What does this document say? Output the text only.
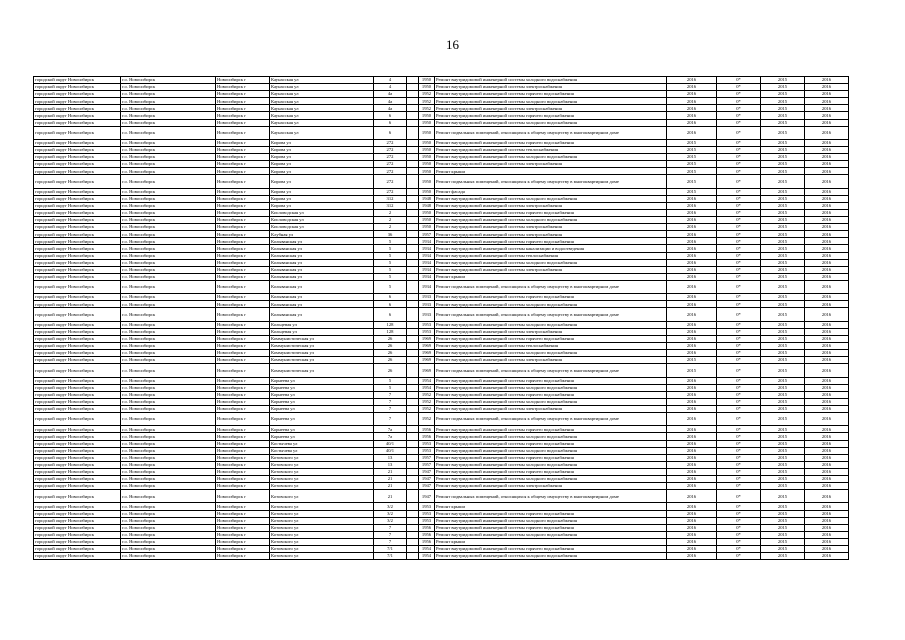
16
городской округ Новосибирск	г.о. Новосибирск	Новосибирск г	Каунасская ул	4		1950	Ремонт внутридомовой инженерной системы холодного водоснабжения	2016	0*	2015	2016
городской округ Новосибирск	г.о. Новосибирск	Новосибирск г	Каунасская ул	4		1950	Ремонт внутридомовой инженерной системы электроснабжения	2016	0*	2015	2016
городской округ Новосибирск	г.о. Новосибирск	Новосибирск г	Каунасская ул	4а		1952	Ремонт внутридомовой инженерной системы горячего водоснабжения	2016	0*	2015	2016
городской округ Новосибирск	г.о. Новосибирск	Новосибирск г	Каунасская ул	4а		1952	Ремонт внутридомовой инженерной системы холодного водоснабжения	2016	0*	2015	2016
городской округ Новосибирск	г.о. Новосибирск	Новосибирск г	Каунасская ул	4а		1952	Ремонт внутридомовой инженерной системы электроснабжения	2016	0*	2015	2016
городской округ Новосибирск	г.о. Новосибирск	Новосибирск г	Каунасская ул	6		1950	Ремонт внутридомовой инженерной системы горячего водоснабжения	2016	0*	2015	2016
городской округ Новосибирск	г.о. Новосибирск	Новосибирск г	Каунасская ул	6		1950	Ремонт внутридомовой инженерной системы холодного водоснабжения	2016	0*	2015	2016
городской округ Новосибирск	г.о. Новосибирск	Новосибирск г	Каунасская ул	6		1950	Ремонт подвальных помещений, относящихся к общему имуществу в многоквартирном доме	2016	0*	2015	2016
городской округ Новосибирск	г.о. Новосибирск	Новосибирск г	Кирова ул	272		1950	Ремонт внутридомовой инженерной системы горячего водоснабжения	2015	0*	2015	2016
городской округ Новосибирск	г.о. Новосибирск	Новосибирск г	Кирова ул	272		1950	Ремонт внутридомовой инженерной системы теплоснабжения	2015	0*	2015	2016
городской округ Новосибирск	г.о. Новосибирск	Новосибирск г	Кирова ул	272		1950	Ремонт внутридомовой инженерной системы холодного водоснабжения	2015	0*	2015	2016
городской округ Новосибирск	г.о. Новосибирск	Новосибирск г	Кирова ул	272		1950	Ремонт внутридомовой инженерной системы электроснабжения	2015	0*	2015	2016
городской округ Новосибирск	г.о. Новосибирск	Новосибирск г	Кирова ул	272		1950	Ремонт крыши	2015	0*	2015	2016
городской округ Новосибирск	г.о. Новосибирск	Новосибирск г	Кирова ул	272		1950	Ремонт подвальных помещений, относящихся к общему имуществу в многоквартирном доме	2015	0*	2015	2016
городской округ Новосибирск	г.о. Новосибирск	Новосибирск г	Кирова ул	272		1950	Ремонт фасада	2015	0*	2015	2016
городской округ Новосибирск	г.о. Новосибирск	Новосибирск г	Кирова ул	312		1948	Ремонт внутридомовой инженерной системы холодного водоснабжения	2016	0*	2015	2016
городской округ Новосибирск	г.о. Новосибирск	Новосибирск г	Кирова ул	312		1948	Ремонт внутридомовой инженерной системы электроснабжения	2016	0*	2015	2016
городской округ Новосибирск	г.о. Новосибирск	Новосибирск г	Кисловодская ул	2		1950	Ремонт внутридомовой инженерной системы горячего водоснабжения	2016	0*	2015	2016
городской округ Новосибирск	г.о. Новосибирск	Новосибирск г	Кисловодская ул	2		1950	Ремонт внутридомовой инженерной системы холодного водоснабжения	2016	0*	2015	2016
городской округ Новосибирск	г.о. Новосибирск	Новосибирск г	Кисловодская ул	2		1950	Ремонт внутридомовой инженерной системы электроснабжения	2016	0*	2015	2016
городской округ Новосибирск	г.о. Новосибирск	Новосибирск г	Клубная ул	36		1957	Ремонт внутридомовой инженерной системы электроснабжения	2016	0*	2015	2016
городской округ Новосибирск	г.о. Новосибирск	Новосибирск г	Колыванская ул	5		1934	Ремонт внутридомовой инженерной системы горячего водоснабжения	2016	0*	2015	2016
городской округ Новосибирск	г.о. Новосибирск	Новосибирск г	Колыванская ул	5		1934	Ремонт внутридомовой инженерной системы канализации и водоотведения	2016	0*	2015	2016
городской округ Новосибирск	г.о. Новосибирск	Новосибирск г	Колыванская ул	5		1934	Ремонт внутридомовой инженерной системы теплоснабжения	2016	0*	2015	2016
городской округ Новосибирск	г.о. Новосибирск	Новосибирск г	Колыванская ул	5		1934	Ремонт внутридомовой инженерной системы холодного водоснабжения	2016	0*	2015	2016
городской округ Новосибирск	г.о. Новосибирск	Новосибирск г	Колыванская ул	5		1934	Ремонт внутридомовой инженерной системы электроснабжения	2016	0*	2015	2016
городской округ Новосибирск	г.о. Новосибирск	Новосибирск г	Колыванская ул	5		1934	Ремонт крыши	2016	0*	2015	2016
городской округ Новосибирск	г.о. Новосибирск	Новосибирск г	Колыванская ул	5		1934	Ремонт подвальных помещений, относящихся к общему имуществу в многоквартирном доме	2016	0*	2015	2016
городской округ Новосибирск	г.о. Новосибирск	Новосибирск г	Колыванская ул	6		1933	Ремонт внутридомовой инженерной системы горячего водоснабжения	2016	0*	2015	2016
городской округ Новосибирск	г.о. Новосибирск	Новосибирск г	Колыванская ул	6		1933	Ремонт внутридомовой инженерной системы холодного водоснабжения	2016	0*	2015	2016
городской округ Новосибирск	г.о. Новосибирск	Новосибирск г	Колыванская ул	6		1933	Ремонт подвальных помещений, относящихся к общему имуществу в многоквартирном доме	2016	0*	2015	2016
городской округ Новосибирск	г.о. Новосибирск	Новосибирск г	Кольцевая ул	128		1953	Ремонт внутридомовой инженерной системы холодного водоснабжения	2016	0*	2015	2016
городской округ Новосибирск	г.о. Новосибирск	Новосибирск г	Кольцевая ул	128		1953	Ремонт внутридомовой инженерной системы электроснабжения	2016	0*	2015	2016
городской округ Новосибирск	г.о. Новосибирск	Новосибирск г	Коммунистическая ул	26		1969	Ремонт внутридомовой инженерной системы горячего водоснабжения	2016	0*	2015	2016
городской округ Новосибирск	г.о. Новосибирск	Новосибирск г	Коммунистическая ул	26		1969	Ремонт внутридомовой инженерной системы теплоснабжения	2016	0*	2015	2016
городской округ Новосибирск	г.о. Новосибирск	Новосибирск г	Коммунистическая ул	26		1969	Ремонт внутридомовой инженерной системы холодного водоснабжения	2016	0*	2015	2016
городской округ Новосибирск	г.о. Новосибирск	Новосибирск г	Коммунистическая ул	26		1969	Ремонт внутридомовой инженерной системы электроснабжения	2015	0*	2015	2016
городской округ Новосибирск	г.о. Новосибирск	Новосибирск г	Коммунистическая ул	26		1969	Ремонт подвальных помещений, относящихся к общему имуществу в многоквартирном доме	2015	0*	2015	2016
городской округ Новосибирск	г.о. Новосибирск	Новосибирск г	Корнеева ул	5		1954	Ремонт внутридомовой инженерной системы горячего водоснабжения	2016	0*	2015	2016
городской округ Новосибирск	г.о. Новосибирск	Новосибирск г	Корнеева ул	5		1954	Ремонт внутридомовой инженерной системы холодного водоснабжения	2016	0*	2015	2016
городской округ Новосибирск	г.о. Новосибирск	Новосибирск г	Корнеева ул	7		1952	Ремонт внутридомовой инженерной системы горячего водоснабжения	2016	0*	2015	2016
городской округ Новосибирск	г.о. Новосибирск	Новосибирск г	Корнеева ул	7		1952	Ремонт внутридомовой инженерной системы холодного водоснабжения	2016	0*	2015	2016
городской округ Новосибирск	г.о. Новосибирск	Новосибирск г	Корнеева ул	7		1952	Ремонт внутридомовой инженерной системы электроснабжения	2016	0*	2015	2016
городской округ Новосибирск	г.о. Новосибирск	Новосибирск г	Корнеева ул	7		1952	Ремонт подвальных помещений, относящихся к общему имуществу в многоквартирном доме	2016	0*	2015	2016
городской округ Новосибирск	г.о. Новосибирск	Новосибирск г	Корнеева ул	7а		1956	Ремонт внутридомовой инженерной системы горячего водоснабжения	2016	0*	2015	2016
городской округ Новосибирск	г.о. Новосибирск	Новосибирск г	Корнеева ул	7а		1956	Ремонт внутридомовой инженерной системы холодного водоснабжения	2016	0*	2015	2016
городской округ Новосибирск	г.о. Новосибирск	Новосибирск г	Костычева ул	40/1		1953	Ремонт внутридомовой инженерной системы горячего водоснабжения	2016	0*	2015	2016
городской округ Новосибирск	г.о. Новосибирск	Новосибирск г	Костычева ул	40/1		1953	Ремонт внутридомовой инженерной системы холодного водоснабжения	2016	0*	2015	2016
городской округ Новосибирск	г.о. Новосибирск	Новосибирск г	Котовского ул	13		1957	Ремонт внутридомовой инженерной системы горячего водоснабжения	2016	0*	2015	2016
городской округ Новосибирск	г.о. Новосибирск	Новосибирск г	Котовского ул	13		1957	Ремонт внутридомовой инженерной системы холодного водоснабжения	2016	0*	2015	2016
городской округ Новосибирск	г.о. Новосибирск	Новосибирск г	Котовского ул	21		1947	Ремонт внутридомовой инженерной системы горячего водоснабжения	2016	0*	2015	2016
городской округ Новосибирск	г.о. Новосибирск	Новосибирск г	Котовского ул	21		1947	Ремонт внутридомовой инженерной системы холодного водоснабжения	2016	0*	2015	2016
городской округ Новосибирск	г.о. Новосибирск	Новосибирск г	Котовского ул	21		1947	Ремонт внутридомовой инженерной системы электроснабжения	2016	0*	2015	2016
городской округ Новосибирск	г.о. Новосибирск	Новосибирск г	Котовского ул	21		1947	Ремонт подвальных помещений, относящихся к общему имуществу в многоквартирном доме	2016	0*	2015	2016
городской округ Новосибирск	г.о. Новосибирск	Новосибирск г	Котовского ул	3/2		1953	Ремонт крыши	2016	0*	2015	2016
городской округ Новосибирск	г.о. Новосибирск	Новосибирск г	Котовского ул	3/2		1953	Ремонт внутридомовой инженерной системы горячего водоснабжения	2016	0*	2015	2016
городской округ Новосибирск	г.о. Новосибирск	Новосибирск г	Котовского ул	3/2		1953	Ремонт внутридомовой инженерной системы холодного водоснабжения	2016	0*	2015	2016
городской округ Новосибирск	г.о. Новосибирск	Новосибирск г	Котовского ул	7		1956	Ремонт внутридомовой инженерной системы горячего водоснабжения	2016	0*	2015	2016
городской округ Новосибирск	г.о. Новосибирск	Новосибирск г	Котовского ул	7		1956	Ремонт внутридомовой инженерной системы холодного водоснабжения	2016	0*	2015	2016
городской округ Новосибирск	г.о. Новосибирск	Новосибирск г	Котовского ул	7		1956	Ремонт крыши	2016	0*	2015	2016
городской округ Новосибирск	г.о. Новосибирск	Новосибирск г	Котовского ул	7/1		1954	Ремонт внутридомовой инженерной системы горячего водоснабжения	2016	0*	2015	2016
городской округ Новосибирск	г.о. Новосибирск	Новосибирск г	Котовского ул	7/1		1954	Ремонт внутридомовой инженерной системы холодного водоснабжения	2016	0*	2015	2016
